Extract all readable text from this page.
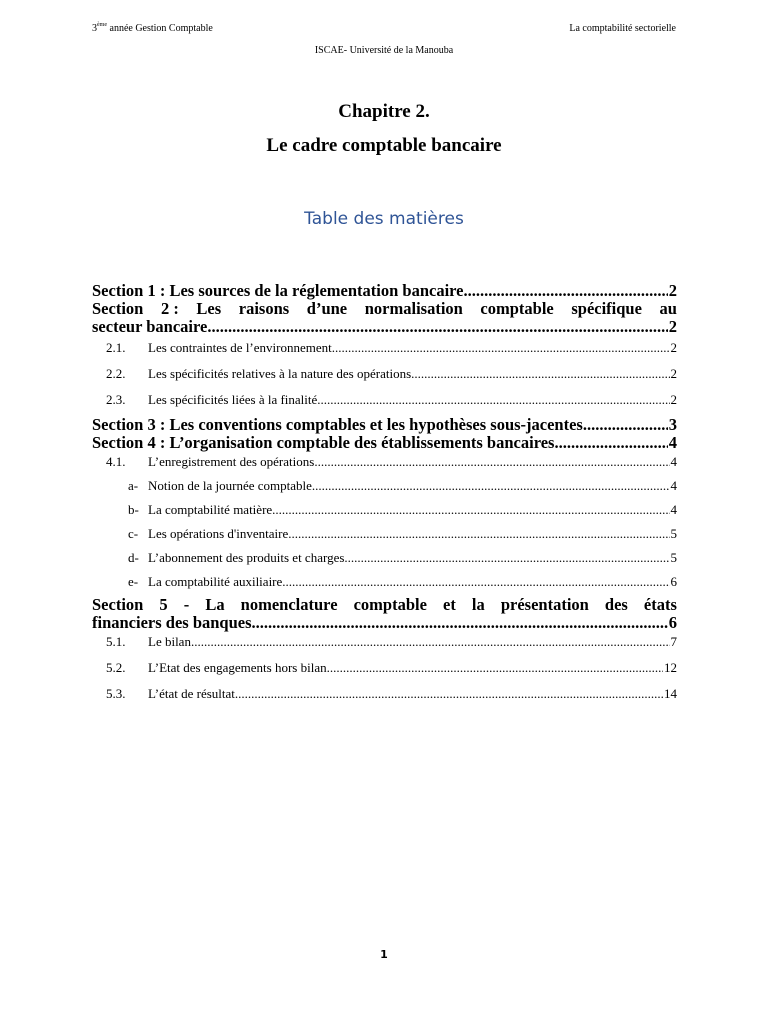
3ème année Gestion Comptable	La comptabilité sectorielle
ISCAE- Université de la Manouba
Chapitre 2.
Le cadre comptable bancaire
Table des matières
Section 1 : Les sources de la réglementation bancaire .....	2
Section 2 : Les raisons d’une normalisation comptable spécifique au
secteur bancaire .....	2
2.1.	Les contraintes de l’environnement .....	2
2.2.	Les spécificités relatives à la nature des opérations .....	2
2.3.	Les spécificités liées à la finalité .....	2
Section 3 : Les conventions comptables et les hypothèses sous-jacentes .....	3
Section 4 : L’organisation comptable des établissements bancaires .....	4
4.1.	L’enregistrement des opérations .....	4
a- Notion de la journée comptable .....	4
b- La comptabilité matière .....	4
c- Les opérations d'inventaire .....	5
d- L’abonnement des produits et charges .....	5
e- La comptabilité auxiliaire .....	6
Section 5 - La nomenclature comptable et la présentation des états
financiers des banques .....	6
5.1.	Le bilan .....	7
5.2.	L’Etat des engagements hors bilan .....	12
5.3.	L’état de résultat .....	14
1
